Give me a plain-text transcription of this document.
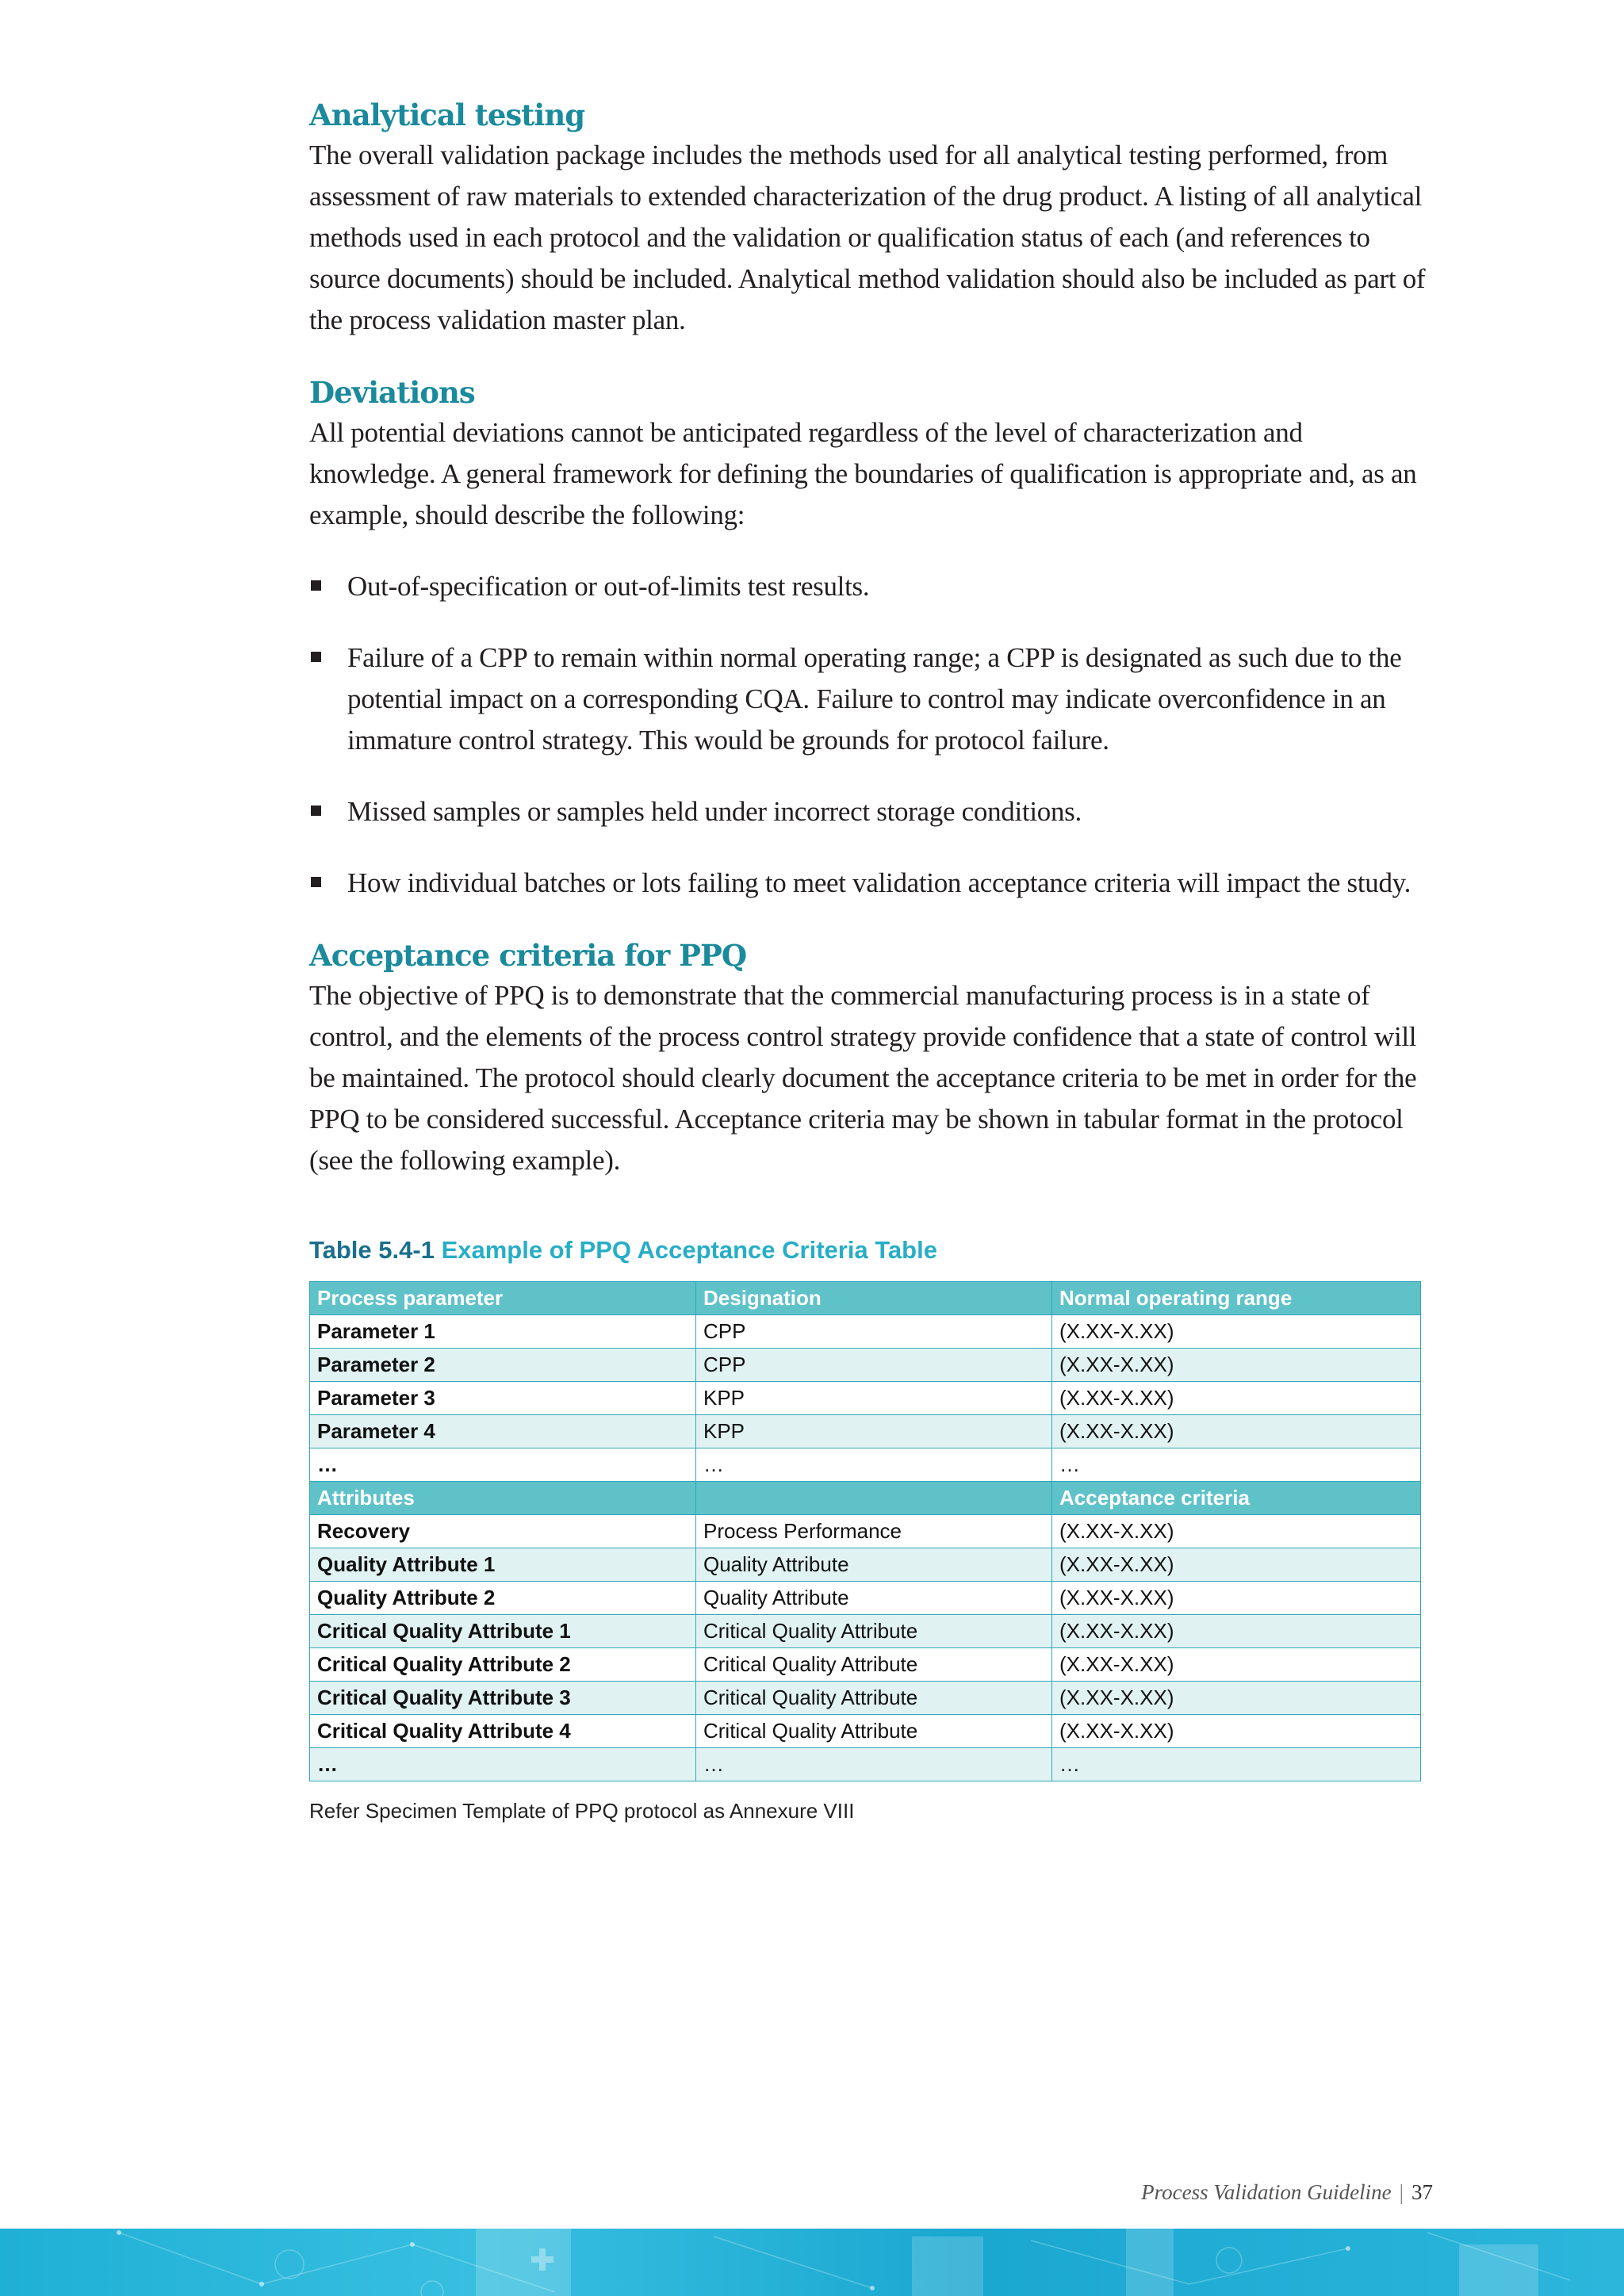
Analytical testing

The overall validation package includes the methods used for all analytical testing performed, from assessment of raw materials to extended characterization of the drug product. A listing of all analytical methods used in each protocol and the validation or qualification status of each (and references to source documents) should be included. Analytical method validation should also be included as part of the process validation master plan.

Deviations

All potential deviations cannot be anticipated regardless of the level of characterization and knowledge. A general framework for defining the boundaries of qualification is appropriate and, as an example, should describe the following:

Out-of-specification or out-of-limits test results.

Failure of a CPP to remain within normal operating range; a CPP is designated as such due to the potential impact on a corresponding CQA. Failure to control may indicate overconfidence in an immature control strategy. This would be grounds for protocol failure.

Missed samples or samples held under incorrect storage conditions.

How individual batches or lots failing to meet validation acceptance criteria will impact the study.

Acceptance criteria for PPQ

The objective of PPQ is to demonstrate that the commercial manufacturing process is in a state of control, and the elements of the process control strategy provide confidence that a state of control will be maintained. The protocol should clearly document the acceptance criteria to be met in order for the PPQ to be considered successful. Acceptance criteria may be shown in tabular format in the protocol (see the following example).

Table 5.4-1 Example of PPQ Acceptance Criteria Table
Process parameter	Designation	Normal operating range
Parameter 1	CPP	(X.XX-X.XX)
Parameter 2	CPP	(X.XX-X.XX)
Parameter 3	KPP	(X.XX-X.XX)
Parameter 4	KPP	(X.XX-X.XX)
…	…	…
Attributes		Acceptance criteria
Recovery	Process Performance	(X.XX-X.XX)
Quality Attribute 1	Quality Attribute	(X.XX-X.XX)
Quality Attribute 2	Quality Attribute	(X.XX-X.XX)
Critical Quality Attribute 1	Critical Quality Attribute	(X.XX-X.XX)
Critical Quality Attribute 2	Critical Quality Attribute	(X.XX-X.XX)
Critical Quality Attribute 3	Critical Quality Attribute	(X.XX-X.XX)
Critical Quality Attribute 4	Critical Quality Attribute	(X.XX-X.XX)
…	…	…
Refer Specimen Template of PPQ protocol as Annexure VIII
Process Validation Guideline | 37
